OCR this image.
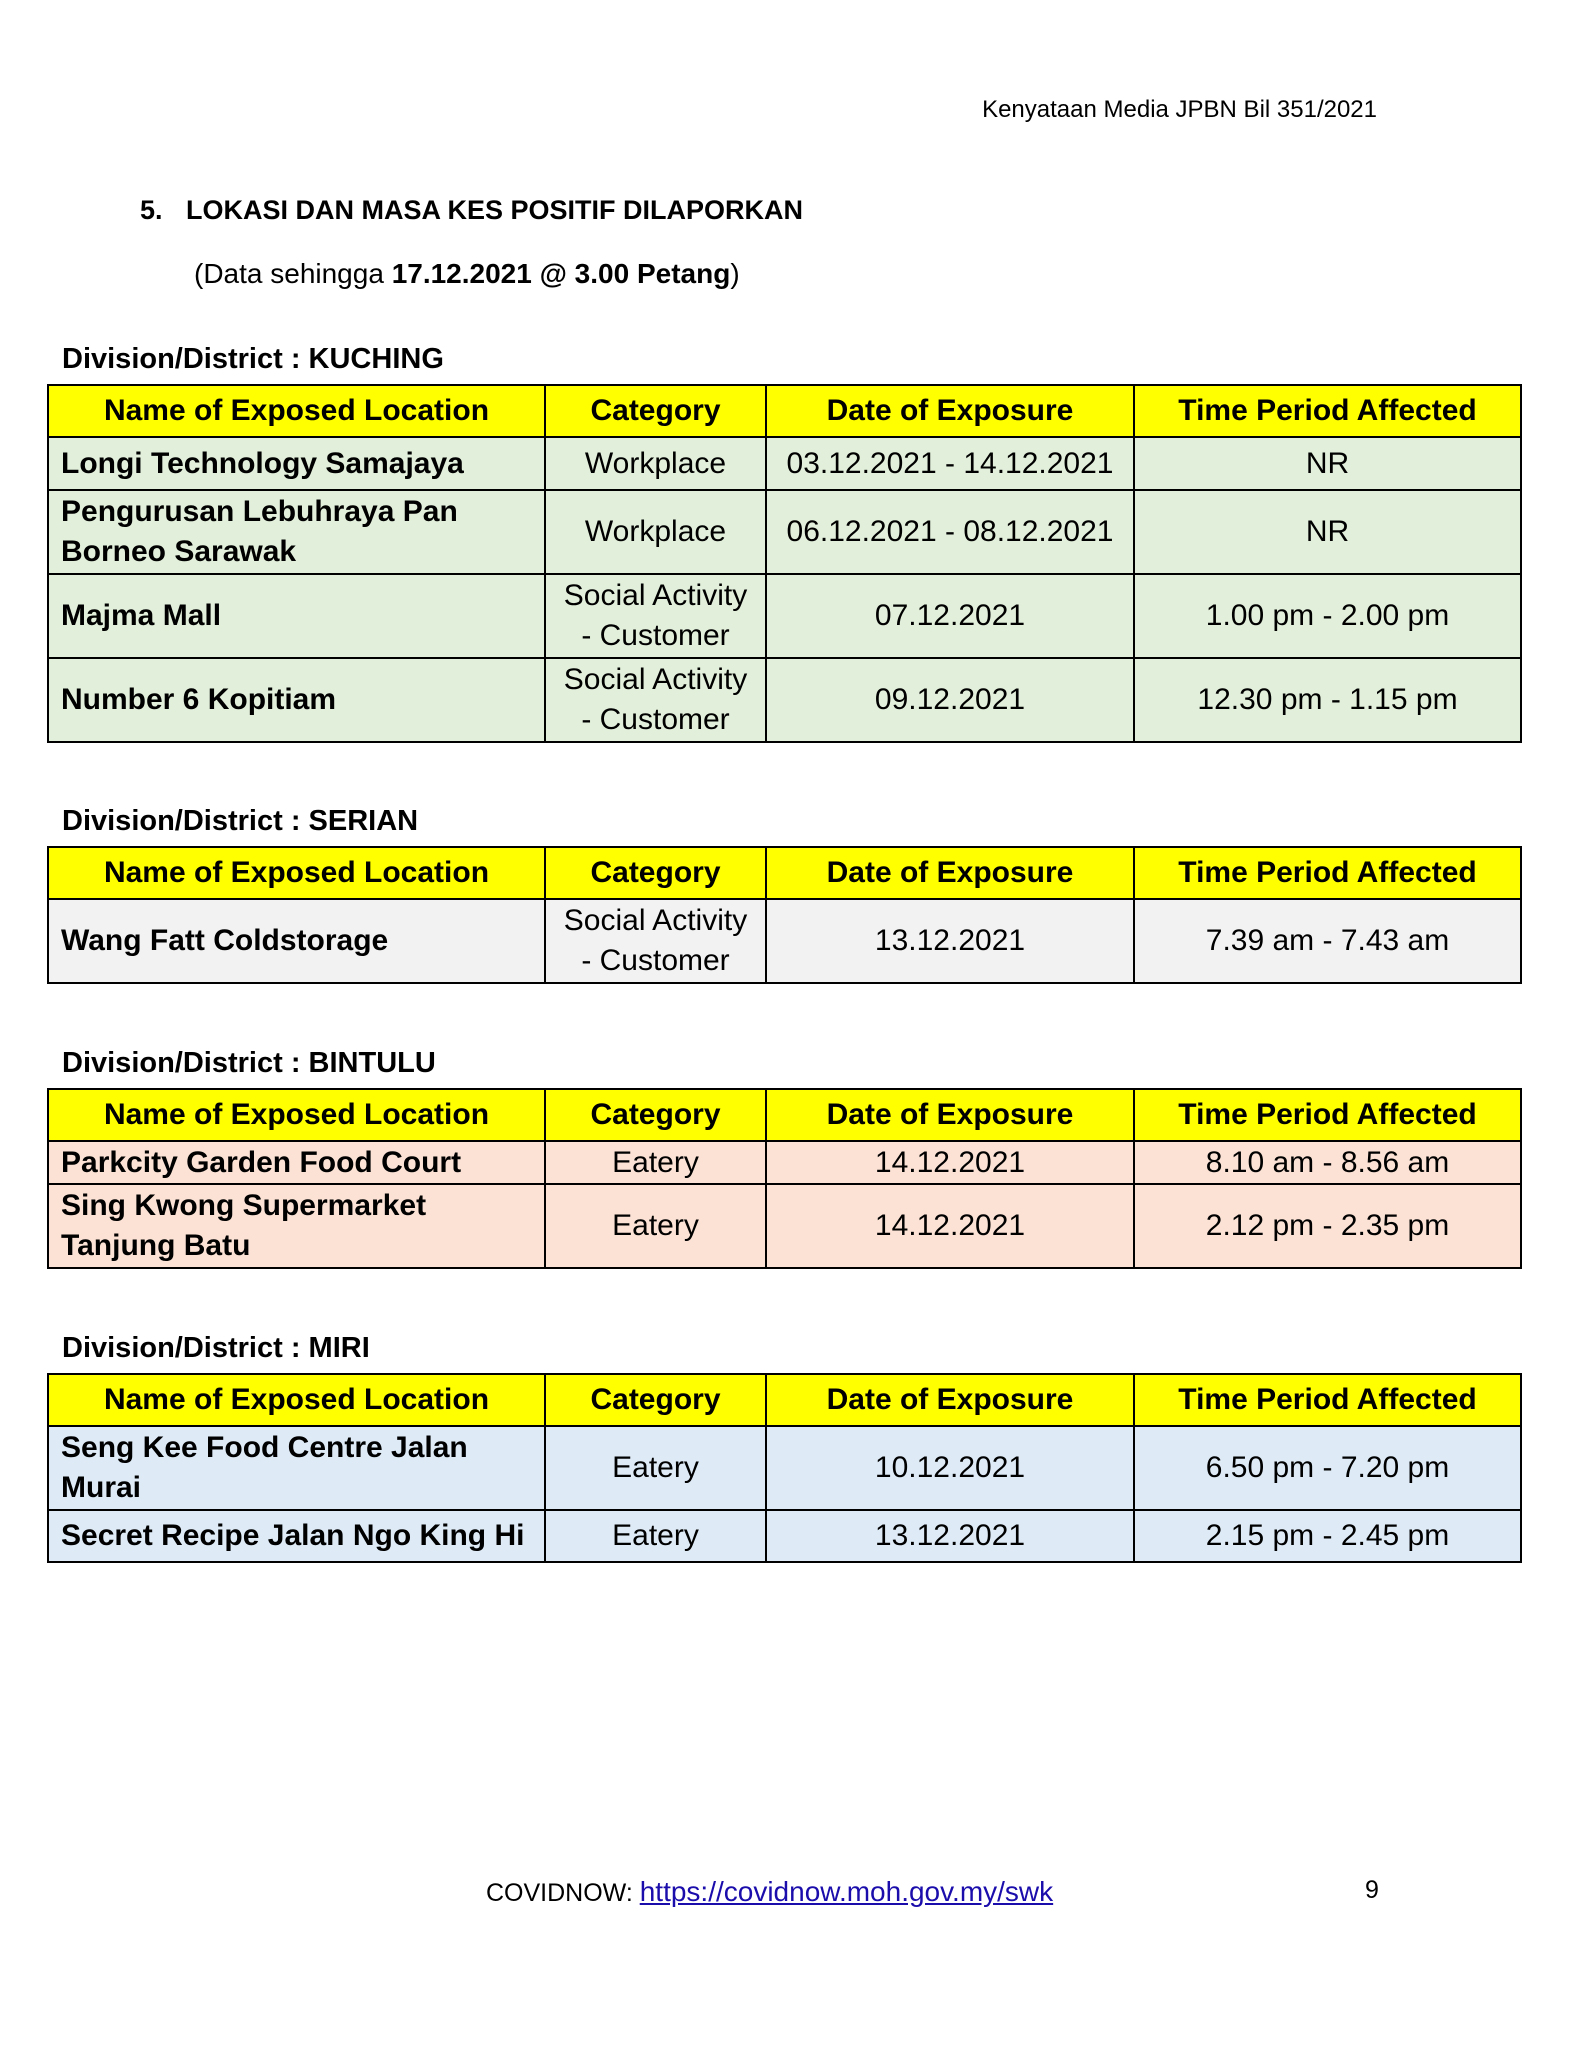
Kenyataan Media JPBN Bil 351/2021
5. LOKASI DAN MASA KES POSITIF DILAPORKAN
(Data sehingga 17.12.2021 @ 3.00 Petang)
Division/District : KUCHING
Name of Exposed Location	Category	Date of Exposure	Time Period Affected
Longi Technology Samajaya	Workplace	03.12.2021 - 14.12.2021	NR
Pengurusan Lebuhraya Pan Borneo Sarawak	Workplace	06.12.2021 - 08.12.2021	NR
Majma Mall	Social Activity - Customer	07.12.2021	1.00 pm - 2.00 pm
Number 6 Kopitiam	Social Activity - Customer	09.12.2021	12.30 pm - 1.15 pm
Division/District : SERIAN
Name of Exposed Location	Category	Date of Exposure	Time Period Affected
Wang Fatt Coldstorage	Social Activity - Customer	13.12.2021	7.39 am - 7.43 am
Division/District : BINTULU
Name of Exposed Location	Category	Date of Exposure	Time Period Affected
Parkcity Garden Food Court	Eatery	14.12.2021	8.10 am - 8.56 am
Sing Kwong Supermarket Tanjung Batu	Eatery	14.12.2021	2.12 pm - 2.35 pm
Division/District : MIRI
Name of Exposed Location	Category	Date of Exposure	Time Period Affected
Seng Kee Food Centre Jalan Murai	Eatery	10.12.2021	6.50 pm - 7.20 pm
Secret Recipe Jalan Ngo King Hi	Eatery	13.12.2021	2.15 pm - 2.45 pm
COVIDNOW: https://covidnow.moh.gov.my/swk	9
